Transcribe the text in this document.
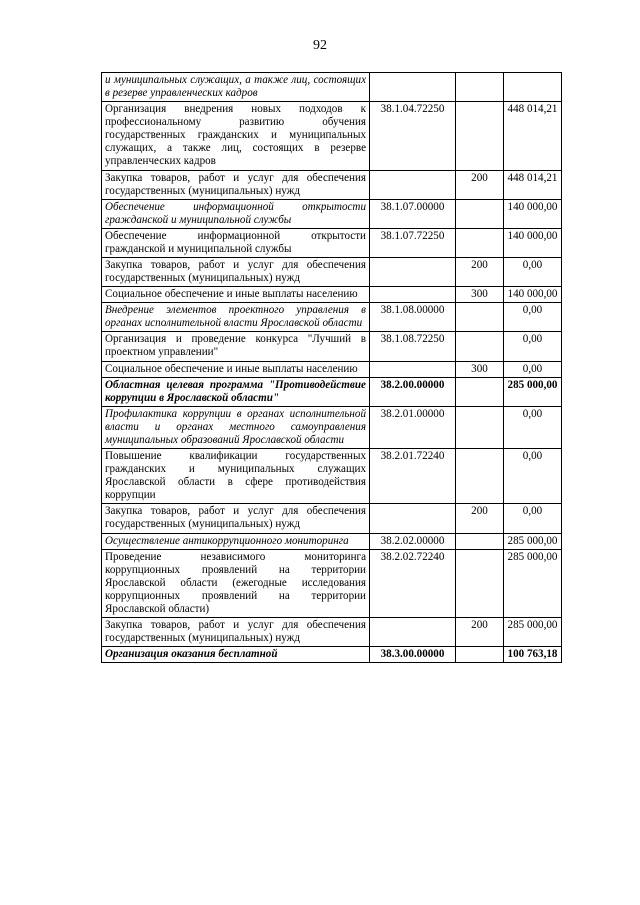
92
и муниципальных служащих, а также лиц, состоящих в резерве управленческих кадров			
Организация внедрения новых подходов к профессиональному развитию обучения государственных гражданских и муниципальных служащих, а также лиц, состоящих в резерве управленческих кадров	38.1.04.72250		448 014,21
Закупка товаров, работ и услуг для обеспечения государственных (муниципальных) нужд		200	448 014,21
Обеспечение информационной открытости гражданской и муниципальной службы	38.1.07.00000		140 000,00
Обеспечение информационной открытости гражданской и муниципальной службы	38.1.07.72250		140 000,00
Закупка товаров, работ и услуг для обеспечения государственных (муниципальных) нужд		200	0,00
Социальное обеспечение и иные выплаты населению		300	140 000,00
Внедрение элементов проектного управления в органах исполнительной власти Ярославской области	38.1.08.00000		0,00
Организация и проведение конкурса "Лучший в проектном управлении"	38.1.08.72250		0,00
Социальное обеспечение и иные выплаты населению		300	0,00
Областная целевая программа "Противодействие коррупции в Ярославской области"	38.2.00.00000		285 000,00
Профилактика коррупции в органах исполнительной власти и органах местного самоуправления муниципальных образований Ярославской области	38.2.01.00000		0,00
Повышение квалификации государственных гражданских и муниципальных служащих Ярославской области в сфере противодействия коррупции	38.2.01.72240		0,00
Закупка товаров, работ и услуг для обеспечения государственных (муниципальных) нужд		200	0,00
Осуществление антикоррупционного мониторинга	38.2.02.00000		285 000,00
Проведение независимого мониторинга коррупционных проявлений на территории Ярославской области (ежегодные исследования коррупционных проявлений на территории Ярославской области)	38.2.02.72240		285 000,00
Закупка товаров, работ и услуг для обеспечения государственных (муниципальных) нужд		200	285 000,00
Организация оказания бесплатной	38.3.00.00000		100 763,18
